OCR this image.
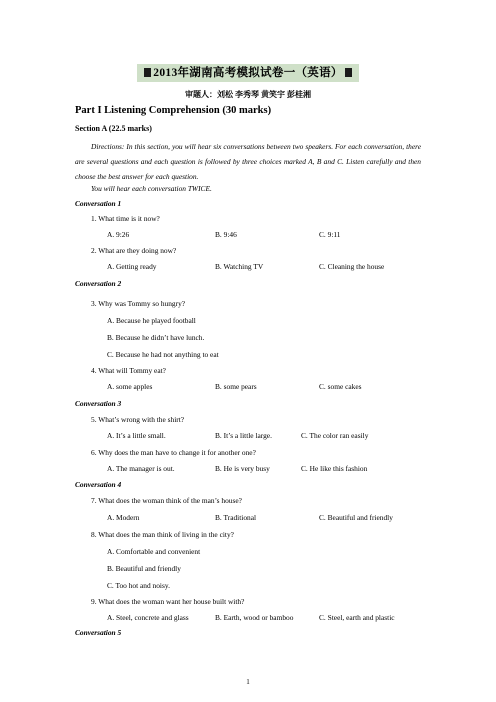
2013年湖南高考模拟试卷一（英语）
审题人：刘松 李秀琴 黄笑宇 彭桂湘
Part I Listening Comprehension (30 marks)
Section A (22.5 marks)
Directions: In this section, you will hear six conversations between two speakers. For each conversation, there are several questions and each question is followed by three choices marked A, B and C. Listen carefully and then choose the best answer for each question.
You will hear each conversation TWICE.
Conversation 1
1. What time is it now?
A. 9:26	B. 9:46	C. 9:11
2. What are they doing now?
A. Getting ready	B. Watching TV	C. Cleaning the house
Conversation 2
3. Why was Tommy so hungry?
A. Because he played football
B. Because he didn’t have lunch.
C. Because he had not anything to eat
4. What will Tommy eat?
A. some apples	B. some pears	C. some cakes
Conversation 3
5. What’s wrong with the shirt?
A. It’s a little small.	B. It’s a little large.	C. The color ran easily
6. Why does the man have to change it for another one?
A. The manager is out.	B. He is very busy	C. He like this fashion
Conversation 4
7. What does the woman think of the man’s house?
A. Modern	B. Traditional	C. Beautiful and friendly
8. What does the man think of living in the city?
A. Comfortable and convenient
B. Beautiful and friendly
C. Too hot and noisy.
9. What does the woman want her house built with?
A. Steel, concrete and glass	B. Earth, wood or bamboo	C. Steel, earth and plastic
Conversation 5
1
